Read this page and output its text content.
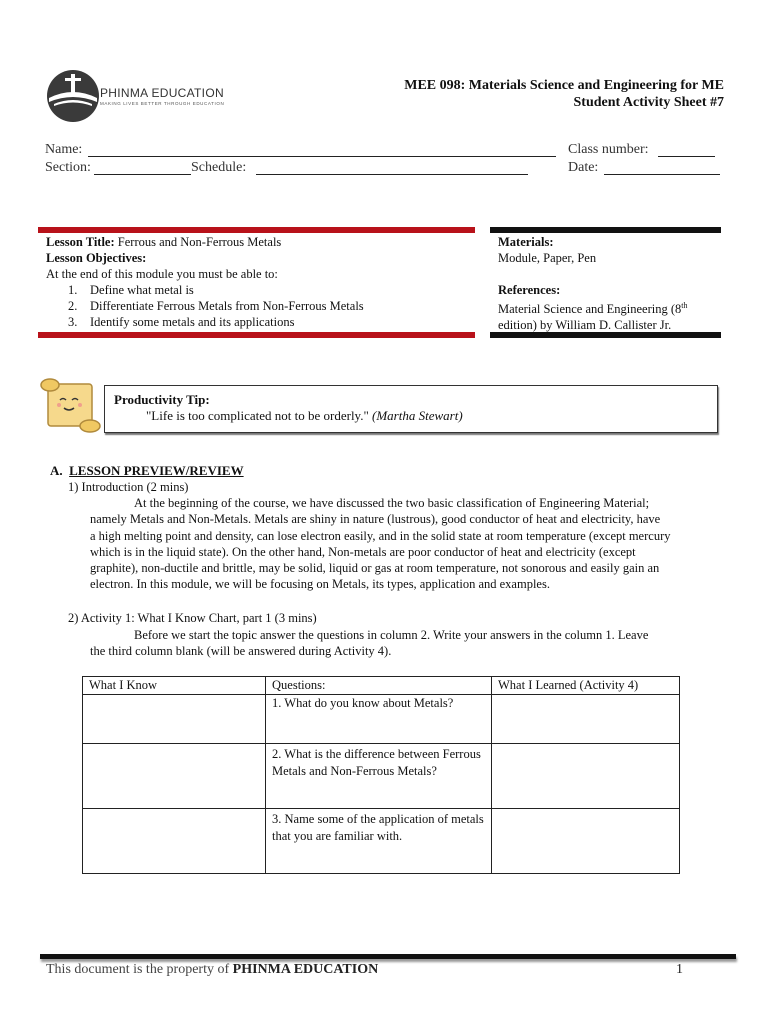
PHINMA EDUCATION
MAKING LIVES BETTER THROUGH EDUCATION
MEE 098: Materials Science and Engineering for ME
Student Activity Sheet #7
Name:	Class number:
Section:	Schedule:	Date:
Lesson Title: Ferrous and Non-Ferrous Metals
Lesson Objectives:
At the end of this module you must be able to:
1. Define what metal is
2. Differentiate Ferrous Metals from Non-Ferrous Metals
3. Identify some metals and its applications
Materials:
Module, Paper, Pen
References:
Material Science and Engineering (8th
edition) by William D. Callister Jr.
Productivity Tip:
"Life is too complicated not to be orderly." (Martha Stewart)
A. LESSON PREVIEW/REVIEW
1) Introduction (2 mins)
At the beginning of the course, we have discussed the two basic classification of Engineering Material;
namely Metals and Non-Metals. Metals are shiny in nature (lustrous), good conductor of heat and electricity, have
a high melting point and density, can lose electron easily, and in the solid state at room temperature (except mercury
which is in the liquid state). On the other hand, Non-metals are poor conductor of heat and electricity (except
graphite), non-ductile and brittle, may be solid, liquid or gas at room temperature, not sonorous and easily gain an
electron. In this module, we will be focusing on Metals, its types, application and examples.
2) Activity 1: What I Know Chart, part 1 (3 mins)
Before we start the topic answer the questions in column 2. Write your answers in the column 1. Leave
the third column blank (will be answered during Activity 4).
What I Know	Questions:	What I Learned (Activity 4)
	1. What do you know about Metals?	
	2. What is the difference between Ferrous Metals and Non-Ferrous Metals?	
	3. Name some of the application of metals that you are familiar with.	
This document is the property of PHINMA EDUCATION	1
